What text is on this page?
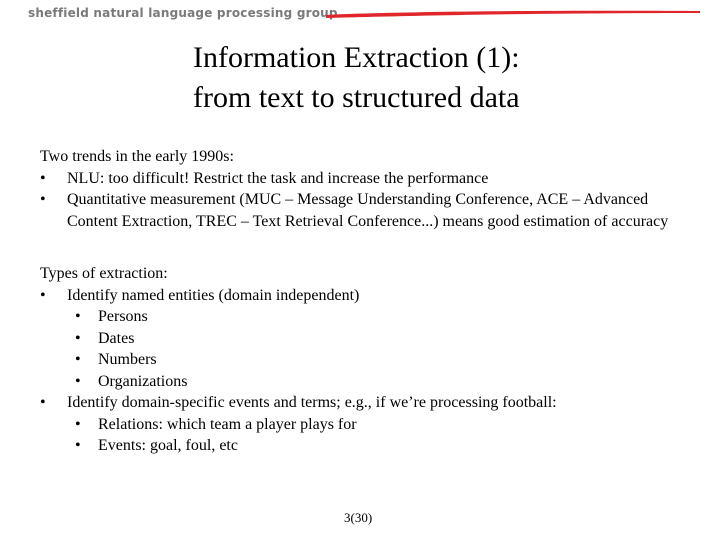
sheffield natural language processing group
Information Extraction (1):
from text to structured data
Two trends in the early 1990s:
•	NLU: too difficult! Restrict the task and increase the performance
•	Quantitative measurement (MUC – Message Understanding Conference, ACE – Advanced Content Extraction, TREC – Text Retrieval Conference...) means good estimation of accuracy
Types of extraction:
•	Identify named entities (domain independent)
• Persons
• Dates
• Numbers
• Organizations
•	Identify domain-specific events and terms; e.g., if we’re processing football:
• Relations: which team a player plays for
• Events: goal, foul, etc
3(30)
